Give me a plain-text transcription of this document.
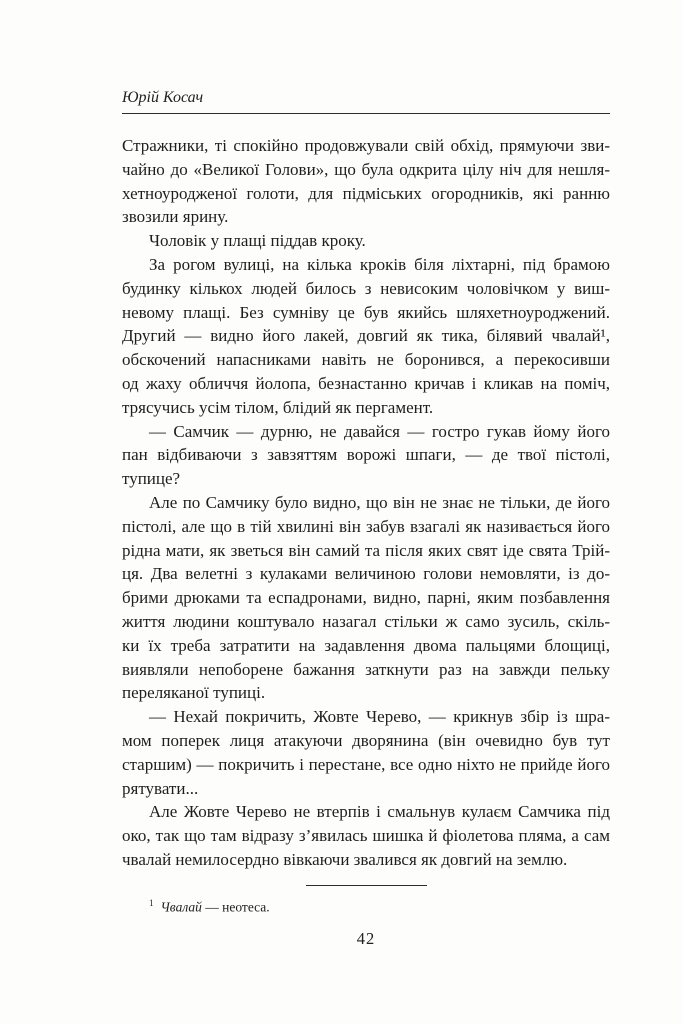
Юрій Косач
Стражники, ті спокійно продовжували свій обхід, прямуючи зви-
чайно до «Великої Голови», що була одкрита цілу ніч для нешля-
хетноуродженої голоти, для підміських огородників, які ранню
звозили ярину.
Чоловік у плащі піддав кроку.
За рогом вулиці, на кілька кроків біля ліхтарні, під брамою
будинку кількох людей билось з невисоким чоловічком у виш-
невому плащі. Без сумніву це був якийсь шляхетноуроджений.
Другий — видно його лакей, довгий як тика, білявий чвалай¹,
обскочений напасниками навіть не боронився, а перекосивши
од жаху обличчя йолопа, безнастанно кричав і кликав на поміч,
трясучись усім тілом, блідий як пергамент.
— Самчик — дурню, не давайся — гостро гукав йому його
пан відбиваючи з завзяттям ворожі шпаги, — де твої пістолі,
тупице?
Але по Самчику було видно, що він не знає не тільки, де його
пістолі, але що в тій хвилині він забув взагалі як називається його
рідна мати, як зветься він самий та після яких свят іде свята Трій-
ця. Два велетні з кулаками величиною голови немовляти, із до-
брими дрюками та еспадронами, видно, парні, яким позбавлення
життя людини коштувало назагал стільки ж само зусиль, скіль-
ки їх треба затратити на задавлення двома пальцями блощиці,
виявляли непоборене бажання заткнути раз на завжди пельку
переляканої тупиці.
— Нехай покричить, Жовте Черево, — крикнув збір із шра-
мом поперек лиця атакуючи дворянина (він очевидно був тут
старшим) — покричить і перестане, все одно ніхто не прийде його
рятувати...
Але Жовте Черево не втерпів і смальнув кулаєм Самчика під
око, так що там відразу з’явилась шишка й фіолетова пляма, а сам
чвалай немилосердно вівкаючи звалився як довгий на землю.
$^1$ Чвалай — неотеса.
42
